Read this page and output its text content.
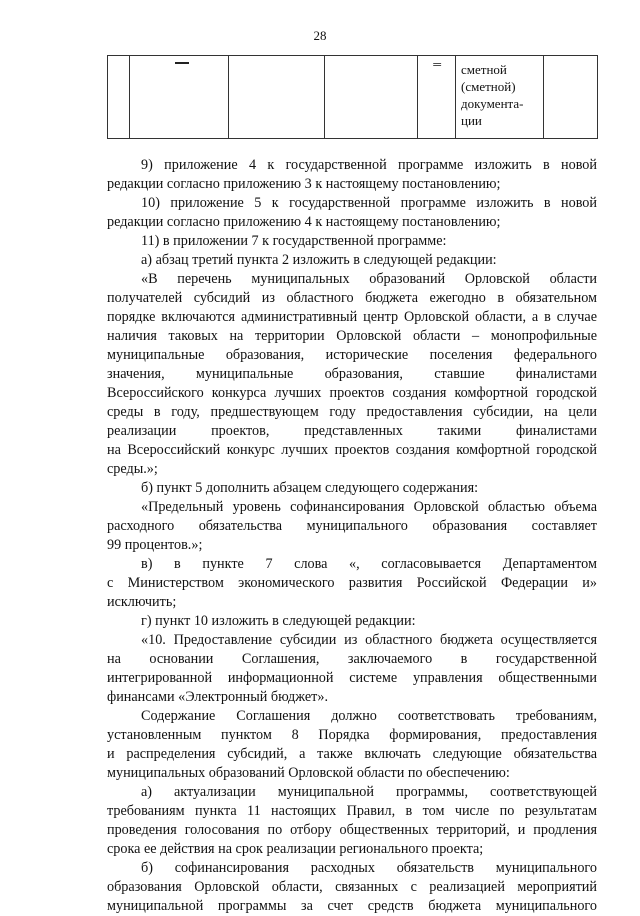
28

═	сметной
(сметной)
документа-
ции

9) приложение 4 к государственной программе изложить в новой
редакции согласно приложению 3 к настоящему постановлению;
10) приложение 5 к государственной программе изложить в новой
редакции согласно приложению 4 к настоящему постановлению;
11) в приложении 7 к государственной программе:
а) абзац третий пункта 2 изложить в следующей редакции:
«В перечень муниципальных образований Орловской области
получателей субсидий из областного бюджета ежегодно в обязательном
порядке включаются административный центр Орловской области, а в случае
наличия таковых на территории Орловской области – монопрофильные
муниципальные образования, исторические поселения федерального
значения, муниципальные образования, ставшие финалистами
Всероссийского конкурса лучших проектов создания комфортной городской
среды в году, предшествующем году предоставления субсидии, на цели
реализации проектов, представленных такими финалистами
на Всероссийский конкурс лучших проектов создания комфортной городской
среды.»;
б) пункт 5 дополнить абзацем следующего содержания:
«Предельный уровень софинансирования Орловской областью объема
расходного обязательства муниципального образования составляет
99 процентов.»;
в) в пункте 7 слова «, согласовывается Департаментом
с Министерством экономического развития Российской Федерации и»
исключить;
г) пункт 10 изложить в следующей редакции:
«10. Предоставление субсидии из областного бюджета осуществляется
на основании Соглашения, заключаемого в государственной
интегрированной информационной системе управления общественными
финансами «Электронный бюджет».
Содержание Соглашения должно соответствовать требованиям,
установленным пунктом 8 Порядка формирования, предоставления
и распределения субсидий, а также включать следующие обязательства
муниципальных образований Орловской области по обеспечению:
а) актуализации муниципальной программы, соответствующей
требованиям пункта 11 настоящих Правил, в том числе по результатам
проведения голосования по отбору общественных территорий, и продления
срока ее действия на срок реализации регионального проекта;
б) софинансирования расходных обязательств муниципального
образования Орловской области, связанных с реализацией мероприятий
муниципальной программы за счет средств бюджета муниципального
